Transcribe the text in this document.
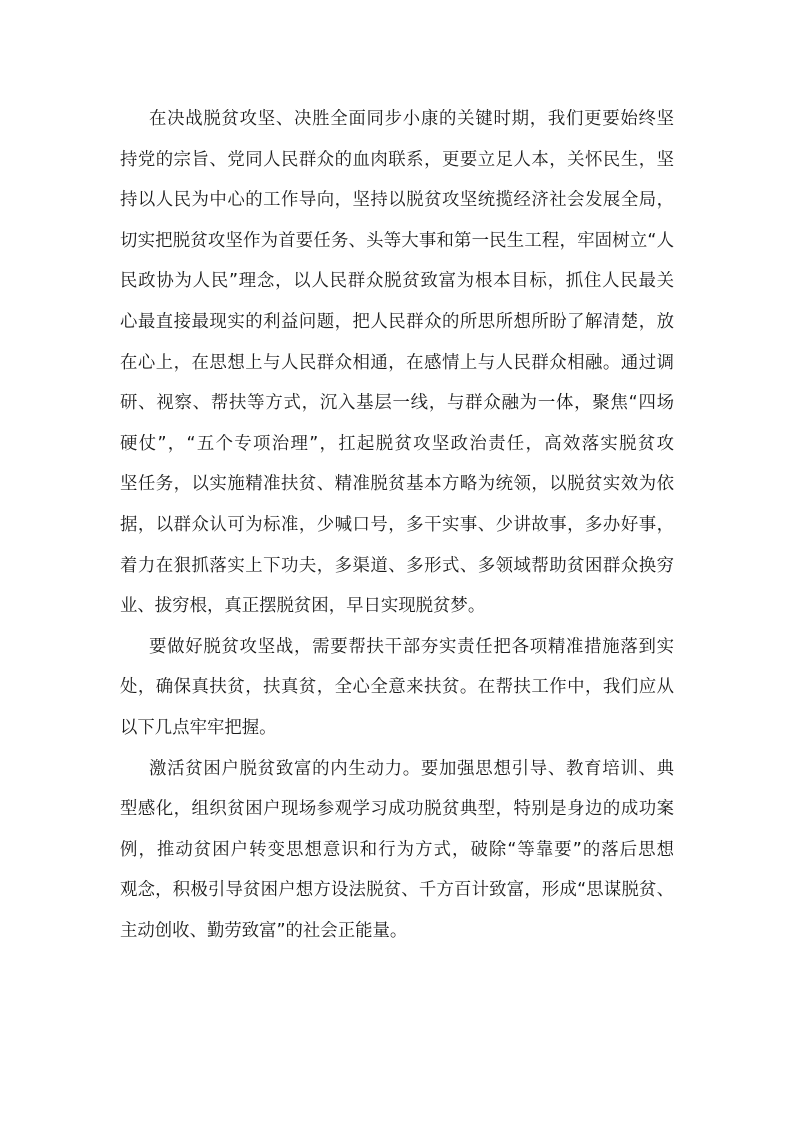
在决战脱贫攻坚、决胜全面同步小康的关键时期，我们更要始终坚
持党的宗旨、党同人民群众的血肉联系，更要立足人本，关怀民生，坚
持以人民为中心的工作导向，坚持以脱贫攻坚统揽经济社会发展全局，
切实把脱贫攻坚作为首要任务、头等大事和第一民生工程，牢固树立“人
民政协为人民”理念，以人民群众脱贫致富为根本目标，抓住人民最关
心最直接最现实的利益问题，把人民群众的所思所想所盼了解清楚，放
在心上，在思想上与人民群众相通，在感情上与人民群众相融。通过调
研、视察、帮扶等方式，沉入基层一线，与群众融为一体，聚焦“四场
硬仗”，“五个专项治理”，扛起脱贫攻坚政治责任，高效落实脱贫攻
坚任务，以实施精准扶贫、精准脱贫基本方略为统领，以脱贫实效为依
据，以群众认可为标准，少喊口号，多干实事、少讲故事，多办好事，
着力在狠抓落实上下功夫，多渠道、多形式、多领域帮助贫困群众换穷
业、拔穷根，真正摆脱贫困，早日实现脱贫梦。
要做好脱贫攻坚战，需要帮扶干部夯实责任把各项精准措施落到实
处，确保真扶贫，扶真贫，全心全意来扶贫。在帮扶工作中，我们应从
以下几点牢牢把握。
激活贫困户脱贫致富的内生动力。要加强思想引导、教育培训、典
型感化，组织贫困户现场参观学习成功脱贫典型，特别是身边的成功案
例，推动贫困户转变思想意识和行为方式，破除“等靠要”的落后思想
观念，积极引导贫困户想方设法脱贫、千方百计致富，形成“思谋脱贫、
主动创收、勤劳致富”的社会正能量。
